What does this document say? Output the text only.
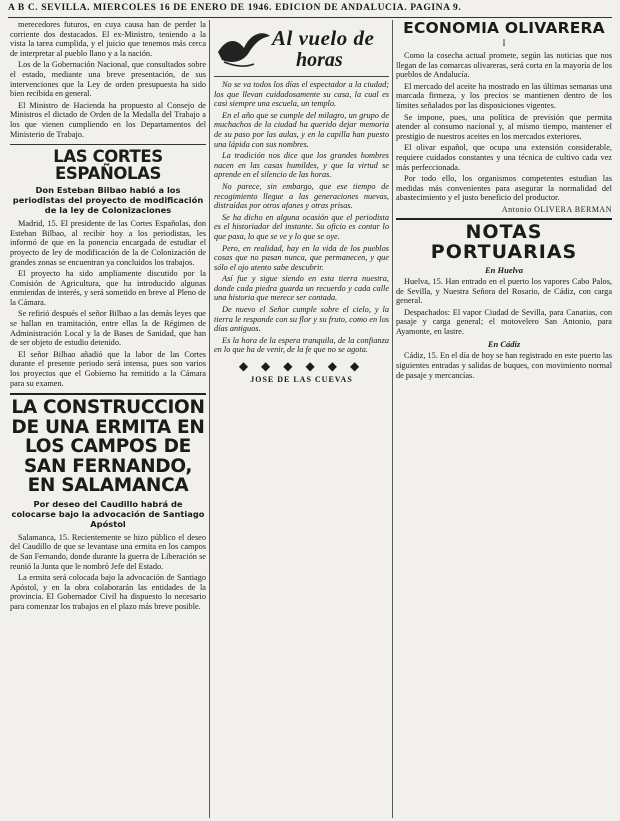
A B C. SEVILLA. MIERCOLES 16 DE ENERO DE 1946. EDICION DE ANDALUCIA. PAGINA 9.

merecedores futuros, en cuya causa han de perder la corriente dos destacados. El ex-Ministro, teniendo a la vista la tarea cumplida, y el juicio que tenemos más cerca de interpretar al pueblo llano y a la nación.

Los de la Gobernación Nacional, que consultados sobre el estado, mediante una breve presentación, de sus intervenciones que la Ley de orden presupuesta ha sido bien recibida en general.

El Ministro de Hacienda ha propuesto al Consejo de Ministros el dictado de Orden de la Medalla del Trabajo a los que vienen cumpliendo en los Departamentos del Ministerio de Trabajo.

LAS CORTES ESPAÑOLAS
Don Esteban Bilbao habló a los periodistas del proyecto de modificación de la ley de Colonizaciones

Madrid, 15. El presidente de las Cortes Españolas, don Esteban Bilbao, al recibir hoy a los periodistas, les informó de que en la ponencia encargada de estudiar el proyecto de ley de modificación de la de Colonización de grandes zonas se encuentran ya concluidos los trabajos.

El proyecto ha sido ampliamente discutido por la Comisión de Agricultura, que ha introducido algunas enmiendas de interés, y será sometido en breve al Pleno de la Cámara.

Se refirió después el señor Bilbao a las demás leyes que se hallan en tramitación, entre ellas la de Régimen de Administración Local y la de Bases de Sanidad, que han de ser objeto de estudio detenido.

El señor Bilbao añadió que la labor de las Cortes durante el presente periodo será intensa, pues son varios los proyectos que el Gobierno ha remitido a la Cámara para su examen.

LA CONSTRUCCION DE UNA ERMITA EN LOS CAMPOS DE SAN FERNANDO, EN SALAMANCA
Por deseo del Caudillo habrá de colocarse bajo la advocación de Santiago Apóstol

Salamanca, 15. Recientemente se hizo público el deseo del Caudillo de que se levantase una ermita en los campos de San Fernando, donde durante la guerra de Liberación se reunió la Junta que le nombró Jefe del Estado.

La ermita será colocada bajo la advocación de Santiago Apóstol, y en la obra colaborarán las entidades de la provincia. El Gobernador Civil ha dispuesto lo necesario para comenzar los trabajos en el plazo más breve posible.

Al vuelo de
horas

No se va todos los días el espectador a la ciudad; los que llevan cuidadosamente su casa, la cual es casi siempre una escuela, un templo.

En el año que se cumple del milagro, un grupo de muchachos de la ciudad ha querido dejar memoria de su paso por las aulas, y en la capilla han puesto una lápida con sus nombres.

La tradición nos dice que los grandes hombres nacen en las casas humildes, y que la virtud se aprende en el silencio de las horas.

No parece, sin embargo, que ese tiempo de recogimiento llegue a las generaciones nuevas, distraídas por otros afanes y otras prisas.

Se ha dicho en alguna ocasión que el periodista es el historiador del instante. Su oficio es contar lo que pasa, lo que se ve y lo que se oye.

Pero, en realidad, hay en la vida de los pueblos cosas que no pasan nunca, que permanecen, y que sólo el ojo atento sabe descubrir.

Así fue y sigue siendo en esta tierra nuestra, donde cada piedra guarda un recuerdo y cada calle una historia que merece ser contada.

De nuevo el Señor cumple sobre el cielo, y la tierra le responde con su flor y su fruto, como en los días antiguos.

Es la hora de la espera tranquila, de la confianza en lo que ha de venir, de la fe que no se agota.

◆ ◆ ◆ ◆ ◆ ◆
JOSE DE LAS CUEVAS
ECONOMIA OLIVARERA
I

Como la cosecha actual promete, según las noticias que nos llegan de las comarcas olivareras, será corta en la mayoría de los pueblos de Andalucía.

El mercado del aceite ha mostrado en las últimas semanas una marcada firmeza, y los precios se mantienen dentro de los límites señalados por las disposiciones vigentes.

Se impone, pues, una política de previsión que permita atender al consumo nacional y, al mismo tiempo, mantener el prestigio de nuestros aceites en los mercados exteriores.

El olivar español, que ocupa una extensión considerable, requiere cuidados constantes y una técnica de cultivo cada vez más perfeccionada.

Por todo ello, los organismos competentes estudian las medidas más convenientes para asegurar la normalidad del abastecimiento y el justo beneficio del productor.

Antonio OLIVERA BERMAN
NOTAS PORTUARIAS
En Huelva

Huelva, 15. Han entrado en el puerto los vapores Cabo Palos, de Sevilla, y Nuestra Señora del Rosario, de Cádiz, con carga general.

Despachados: El vapor Ciudad de Sevilla, para Canarias, con pasaje y carga general; el motovelero San Antonio, para Ayamonte, en lastre.

En Cádiz

Cádiz, 15. En el día de hoy se han registrado en este puerto las siguientes entradas y salidas de buques, con movimiento normal de pasaje y mercancías.
